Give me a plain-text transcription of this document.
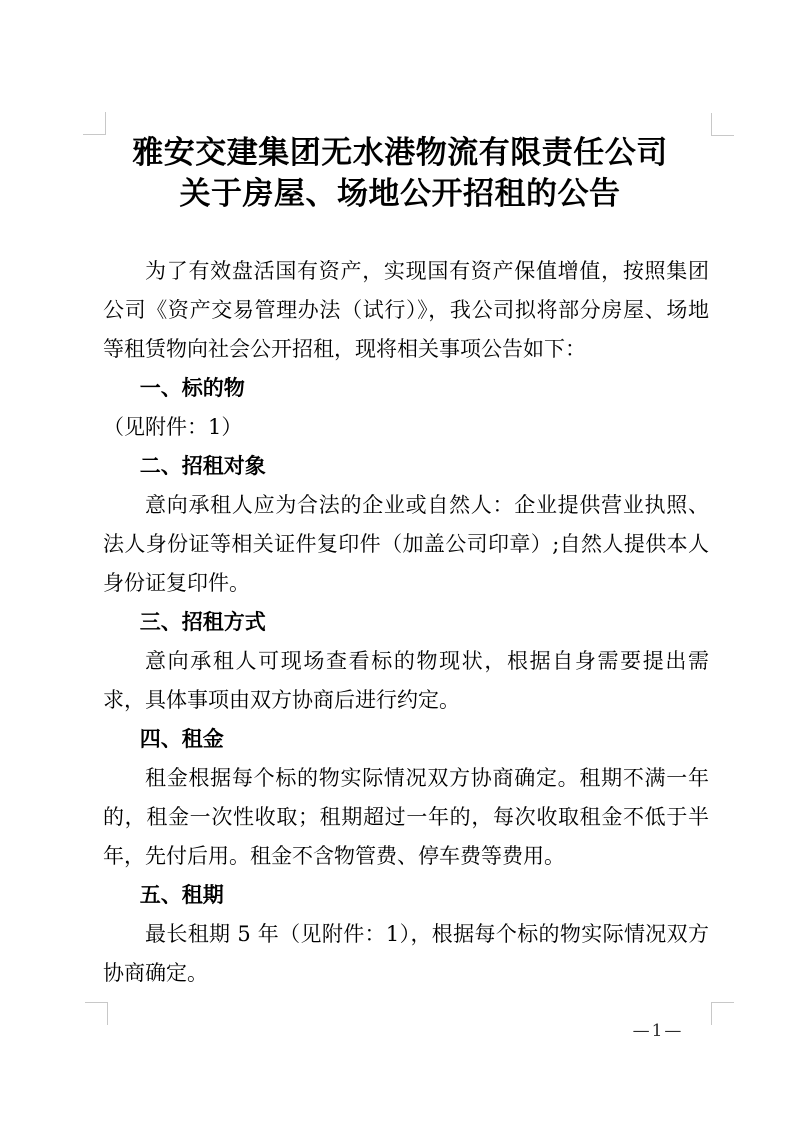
雅安交建集团无水港物流有限责任公司
关于房屋、场地公开招租的公告

为了有效盘活国有资产，实现国有资产保值增值，按照集团公司《资产交易管理办法（试行）》，我公司拟将部分房屋、场地等租赁物向社会公开招租，现将相关事项公告如下：

一、标的物

（见附件：1）

二、招租对象

意向承租人应为合法的企业或自然人：企业提供营业执照、法人身份证等相关证件复印件（加盖公司印章）;自然人提供本人身份证复印件。

三、招租方式

意向承租人可现场查看标的物现状，根据自身需要提出需求，具体事项由双方协商后进行约定。

四、租金

租金根据每个标的物实际情况双方协商确定。租期不满一年的，租金一次性收取；租期超过一年的，每次收取租金不低于半年，先付后用。租金不含物管费、停车费等费用。

五、租期

最长租期 5 年（见附件：1），根据每个标的物实际情况双方协商确定。

—1—
